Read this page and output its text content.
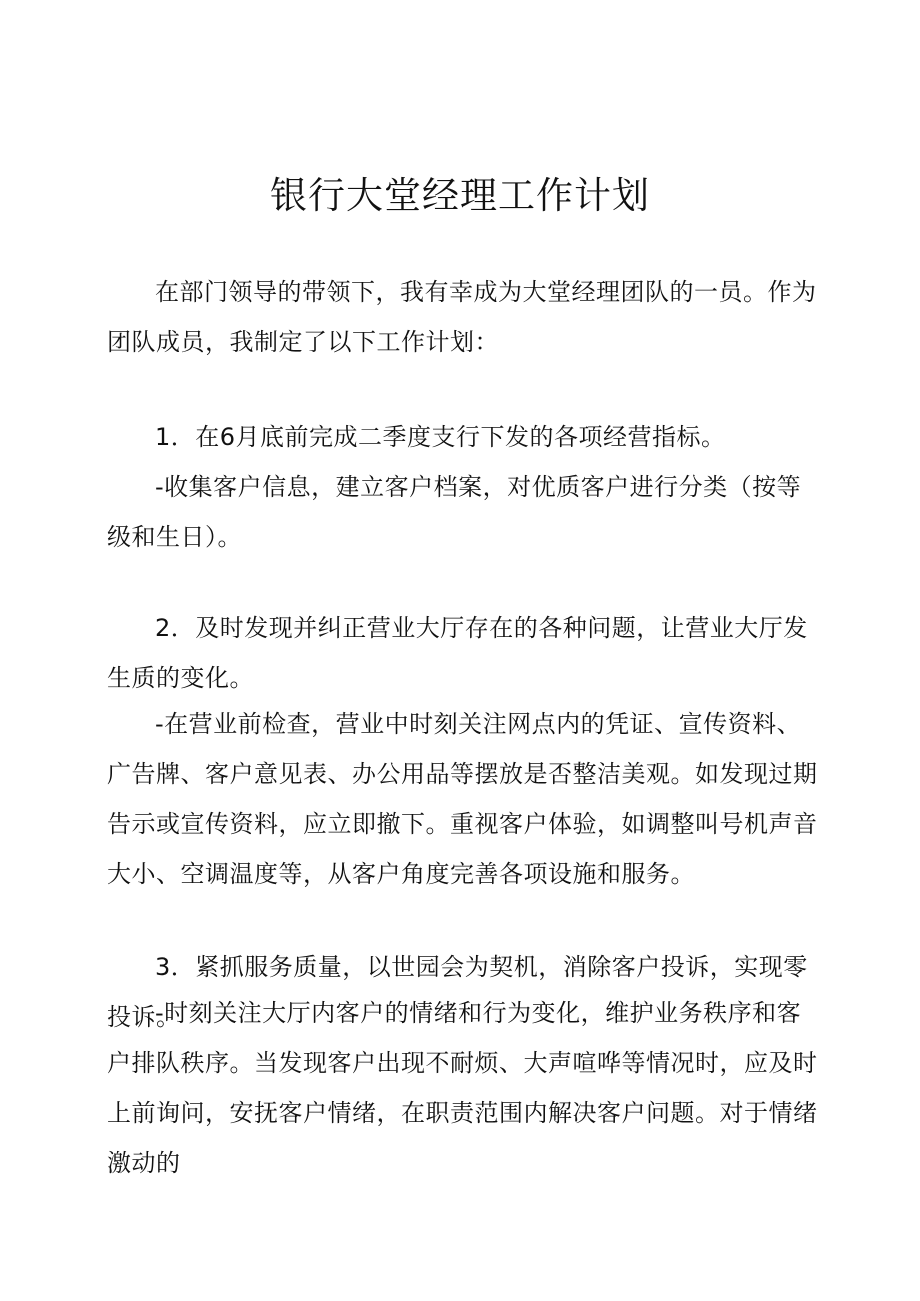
银行大堂经理工作计划

在部门领导的带领下，我有幸成为大堂经理团队的一员。作为团队成员，我制定了以下工作计划：

1．在6月底前完成二季度支行下发的各项经营指标。

-收集客户信息，建立客户档案，对优质客户进行分类（按等级和生日）。

2．及时发现并纠正营业大厅存在的各种问题，让营业大厅发生质的变化。

-在营业前检查，营业中时刻关注网点内的凭证、宣传资料、广告牌、客户意见表、办公用品等摆放是否整洁美观。如发现过期告示或宣传资料，应立即撤下。重视客户体验，如调整叫号机声音大小、空调温度等，从客户角度完善各项设施和服务。

3．紧抓服务质量，以世园会为契机，消除客户投诉，实现零投诉。

-时刻关注大厅内客户的情绪和行为变化，维护业务秩序和客户排队秩序。当发现客户出现不耐烦、大声喧哗等情况时，应及时上前询问，安抚客户情绪，在职责范围内解决客户问题。对于情绪激动的
